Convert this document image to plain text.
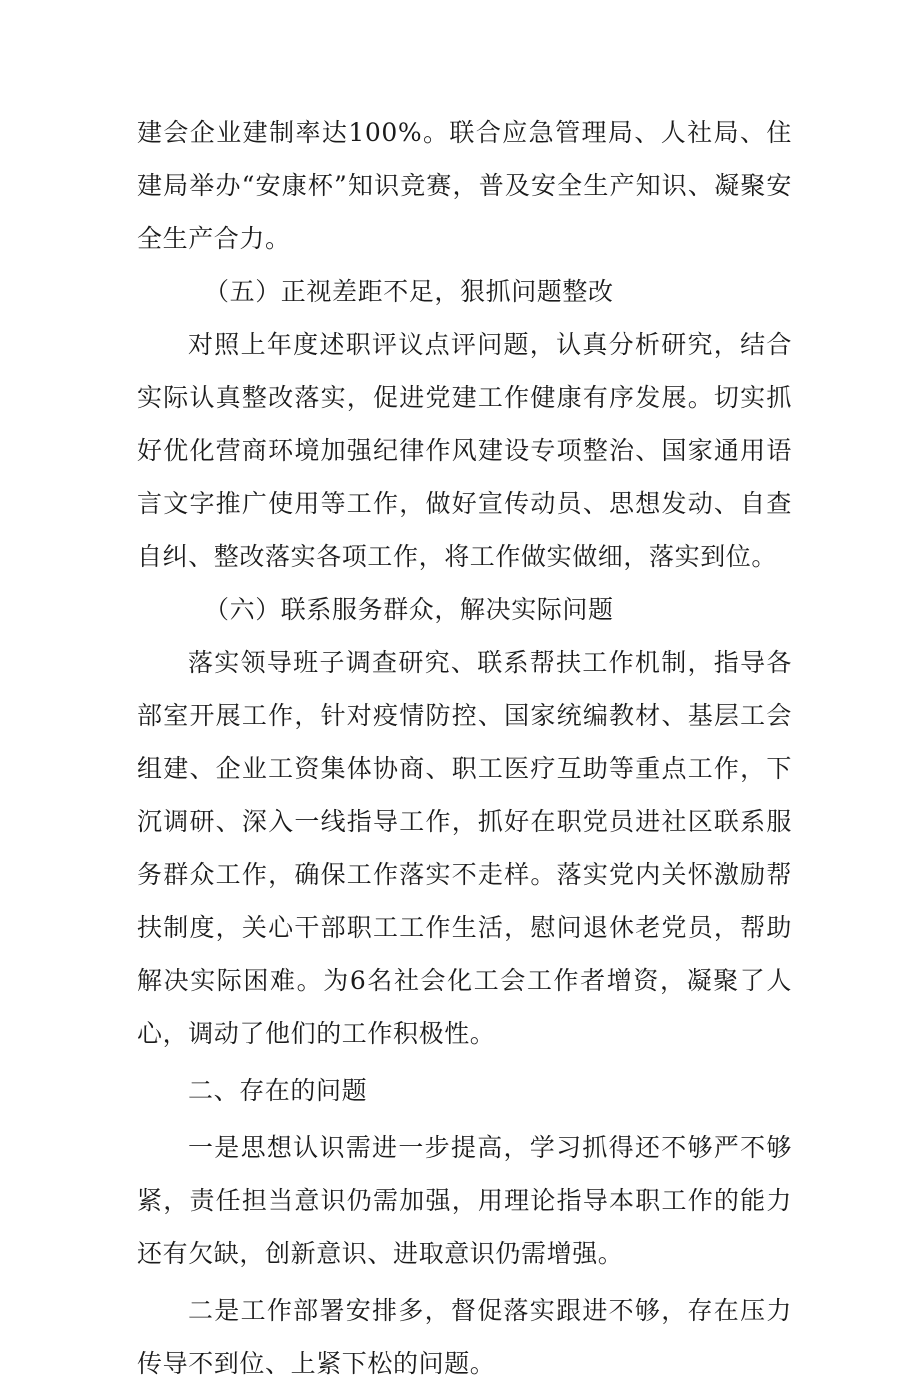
建会企业建制率达100%。联合应急管理局、人社局、住建局举办“安康杯”知识竞赛，普及安全生产知识、凝聚安全生产合力。

（五）正视差距不足，狠抓问题整改

对照上年度述职评议点评问题，认真分析研究，结合实际认真整改落实，促进党建工作健康有序发展。切实抓好优化营商环境加强纪律作风建设专项整治、国家通用语言文字推广使用等工作，做好宣传动员、思想发动、自查自纠、整改落实各项工作，将工作做实做细，落实到位。

（六）联系服务群众，解决实际问题

落实领导班子调查研究、联系帮扶工作机制，指导各部室开展工作，针对疫情防控、国家统编教材、基层工会组建、企业工资集体协商、职工医疗互助等重点工作，下沉调研、深入一线指导工作，抓好在职党员进社区联系服务群众工作，确保工作落实不走样。落实党内关怀激励帮扶制度，关心干部职工工作生活，慰问退休老党员，帮助解决实际困难。为6名社会化工会工作者增资，凝聚了人心，调动了他们的工作积极性。

二、存在的问题

一是思想认识需进一步提高，学习抓得还不够严不够紧，责任担当意识仍需加强，用理论指导本职工作的能力还有欠缺，创新意识、进取意识仍需增强。

二是工作部署安排多，督促落实跟进不够，存在压力传导不到位、上紧下松的问题。
